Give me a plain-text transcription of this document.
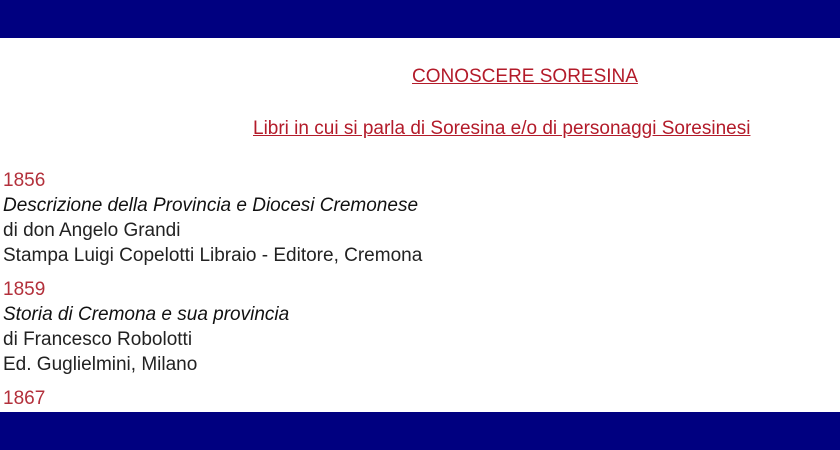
CONOSCERE SORESINA
Libri in cui si parla di Soresina e/o di personaggi Soresinesi
1856
Descrizione della Provincia e Diocesi Cremonese
di don Angelo Grandi
Stampa Luigi Copelotti Libraio - Editore, Cremona
1859
Storia di Cremona e sua provincia
di Francesco Robolotti
Ed. Guglielmini, Milano
1867
